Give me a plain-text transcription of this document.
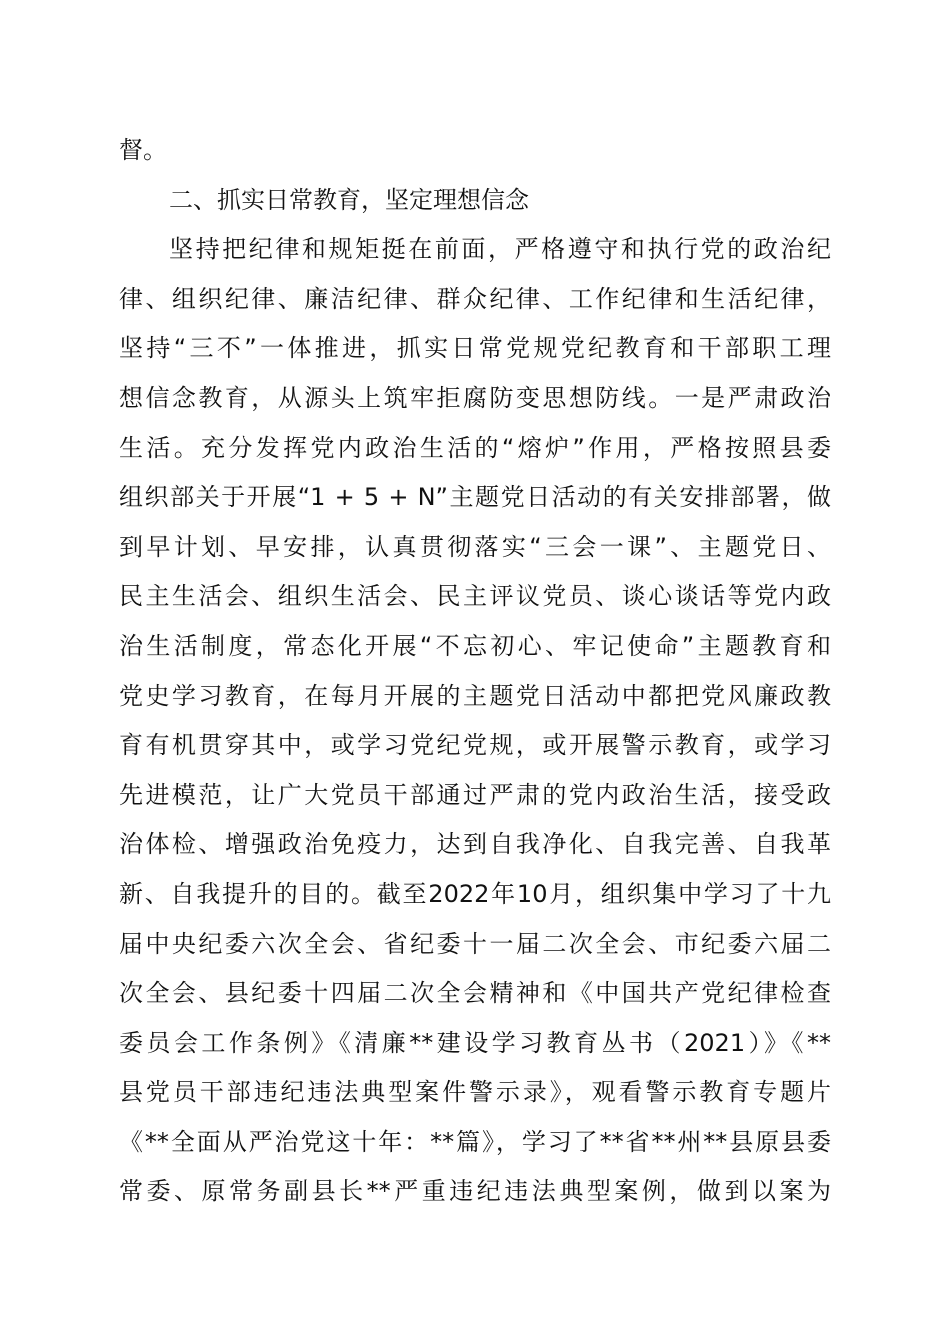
督。
二、抓实日常教育，坚定理想信念
坚持把纪律和规矩挺在前面，严格遵守和执行党的政治纪
律、组织纪律、廉洁纪律、群众纪律、工作纪律和生活纪律，
坚持“三不”一体推进，抓实日常党规党纪教育和干部职工理
想信念教育，从源头上筑牢拒腐防变思想防线。一是严肃政治
生活。充分发挥党内政治生活的“熔炉”作用，严格按照县委
组织部关于开展“1 + 5 + N”主题党日活动的有关安排部署，做
到早计划、早安排，认真贯彻落实“三会一课”、主题党日、
民主生活会、组织生活会、民主评议党员、谈心谈话等党内政
治生活制度，常态化开展“不忘初心、牢记使命”主题教育和
党史学习教育，在每月开展的主题党日活动中都把党风廉政教
育有机贯穿其中，或学习党纪党规，或开展警示教育，或学习
先进模范，让广大党员干部通过严肃的党内政治生活，接受政
治体检、增强政治免疫力，达到自我净化、自我完善、自我革
新、自我提升的目的。截至2022年10月，组织集中学习了十九
届中央纪委六次全会、省纪委十一届二次全会、市纪委六届二
次全会、县纪委十四届二次全会精神和《中国共产党纪律检查
委员会工作条例》《清廉**建设学习教育丛书（2021）》《**
县党员干部违纪违法典型案件警示录》，观看警示教育专题片
《**全面从严治党这十年：**篇》，学习了**省**州**县原县委
常委、原常务副县长**严重违纪违法典型案例，做到以案为
